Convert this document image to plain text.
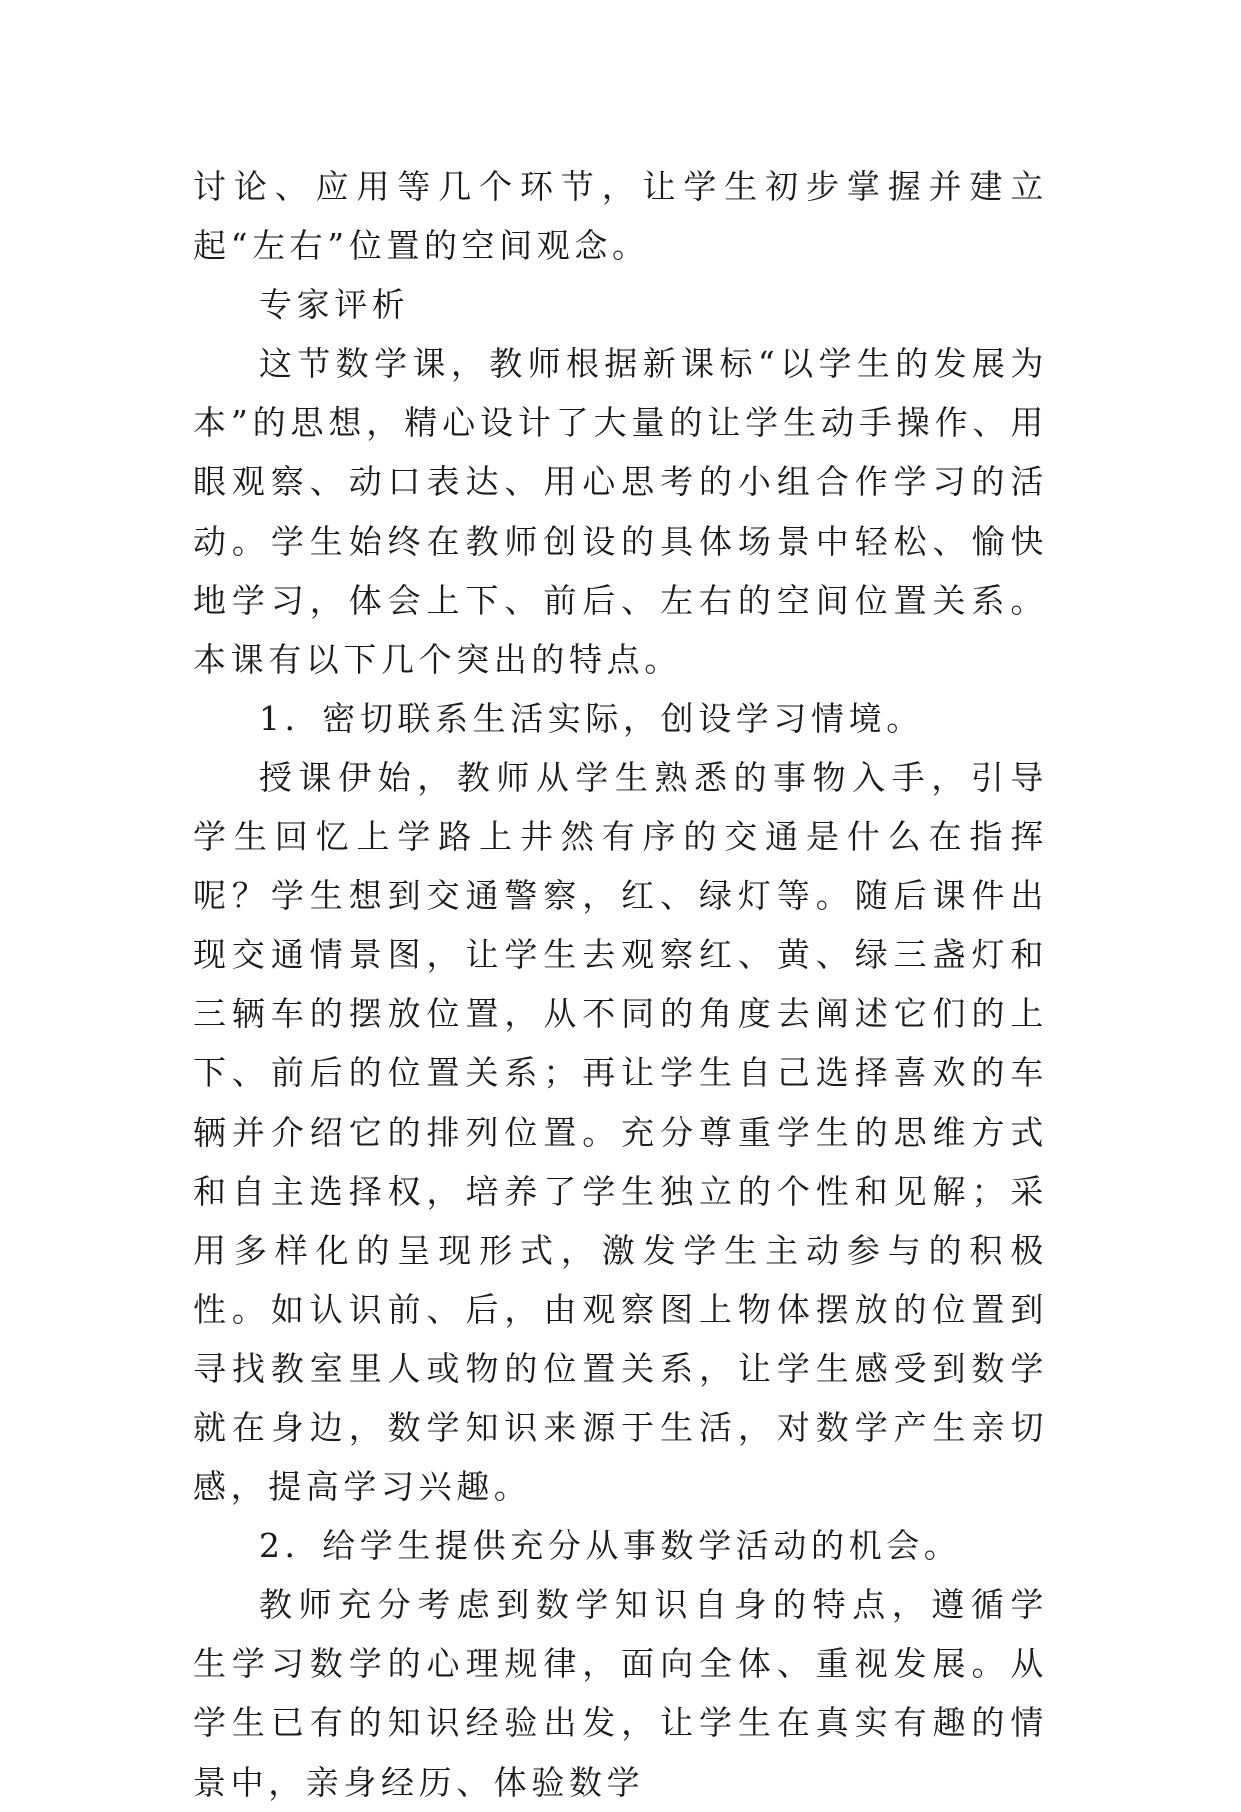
讨论、应用等几个环节，让学生初步掌握并建立起“左右”位置的空间观念。

专家评析

这节数学课，教师根据新课标“以学生的发展为本”的思想，精心设计了大量的让学生动手操作、用眼观察、动口表达、用心思考的小组合作学习的活动。学生始终在教师创设的具体场景中轻松、愉快地学习，体会上下、前后、左右的空间位置关系。本课有以下几个突出的特点。

1．密切联系生活实际，创设学习情境。

授课伊始，教师从学生熟悉的事物入手，引导学生回忆上学路上井然有序的交通是什么在指挥呢？学生想到交通警察，红、绿灯等。随后课件出现交通情景图，让学生去观察红、黄、绿三盏灯和三辆车的摆放位置，从不同的角度去阐述它们的上下、前后的位置关系；再让学生自己选择喜欢的车辆并介绍它的排列位置。充分尊重学生的思维方式和自主选择权，培养了学生独立的个性和见解；采用多样化的呈现形式，激发学生主动参与的积极性。如认识前、后，由观察图上物体摆放的位置到寻找教室里人或物的位置关系，让学生感受到数学就在身边，数学知识来源于生活，对数学产生亲切感，提高学习兴趣。

2．给学生提供充分从事数学活动的机会。

教师充分考虑到数学知识自身的特点，遵循学生学习数学的心理规律，面向全体、重视发展。从学生已有的知识经验出发，让学生在真实有趣的情景中，亲身经历、体验数学
